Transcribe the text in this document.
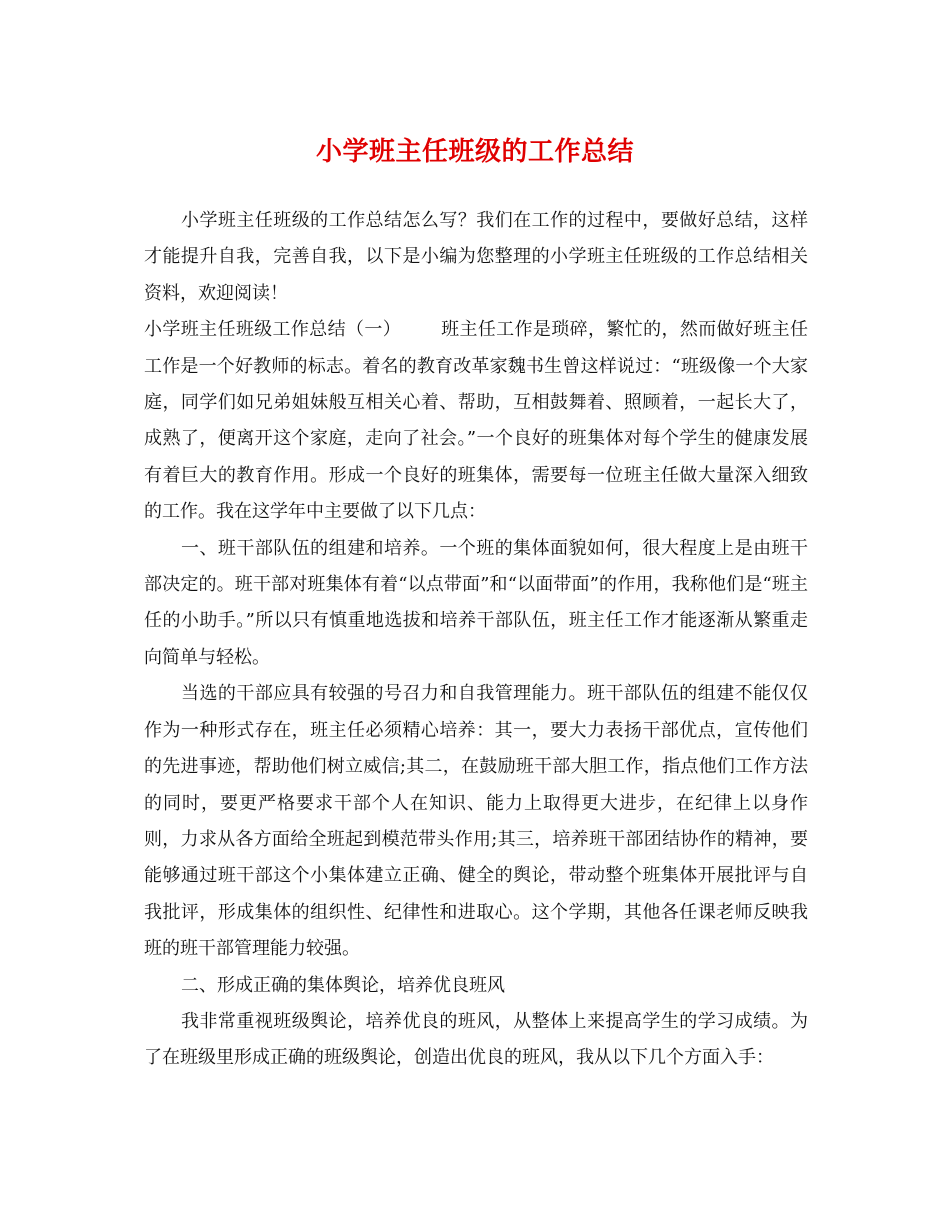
小学班主任班级的工作总结

小学班主任班级的工作总结怎么写？我们在工作的过程中，要做好总结，这样才能提升自我，完善自我，以下是小编为您整理的小学班主任班级的工作总结相关资料，欢迎阅读！

小学班主任班级工作总结（一） 班主任工作是琐碎，繁忙的，然而做好班主任工作是一个好教师的标志。着名的教育改革家魏书生曾这样说过：“班级像一个大家庭，同学们如兄弟姐妹般互相关心着、帮助，互相鼓舞着、照顾着，一起长大了，成熟了，便离开这个家庭，走向了社会。”一个良好的班集体对每个学生的健康发展有着巨大的教育作用。形成一个良好的班集体，需要每一位班主任做大量深入细致的工作。我在这学年中主要做了以下几点：

一、班干部队伍的组建和培养。一个班的集体面貌如何，很大程度上是由班干部决定的。班干部对班集体有着“以点带面”和“以面带面”的作用，我称他们是“班主任的小助手。”所以只有慎重地选拔和培养干部队伍，班主任工作才能逐渐从繁重走向简单与轻松。

当选的干部应具有较强的号召力和自我管理能力。班干部队伍的组建不能仅仅作为一种形式存在，班主任必须精心培养：其一，要大力表扬干部优点，宣传他们的先进事迹，帮助他们树立威信;其二，在鼓励班干部大胆工作，指点他们工作方法的同时，要更严格要求干部个人在知识、能力上取得更大进步，在纪律上以身作则，力求从各方面给全班起到模范带头作用;其三，培养班干部团结协作的精神，要能够通过班干部这个小集体建立正确、健全的舆论，带动整个班集体开展批评与自我批评，形成集体的组织性、纪律性和进取心。这个学期，其他各任课老师反映我班的班干部管理能力较强。

二、形成正确的集体舆论，培养优良班风

我非常重视班级舆论，培养优良的班风，从整体上来提高学生的学习成绩。为了在班级里形成正确的班级舆论，创造出优良的班风，我从以下几个方面入手：
